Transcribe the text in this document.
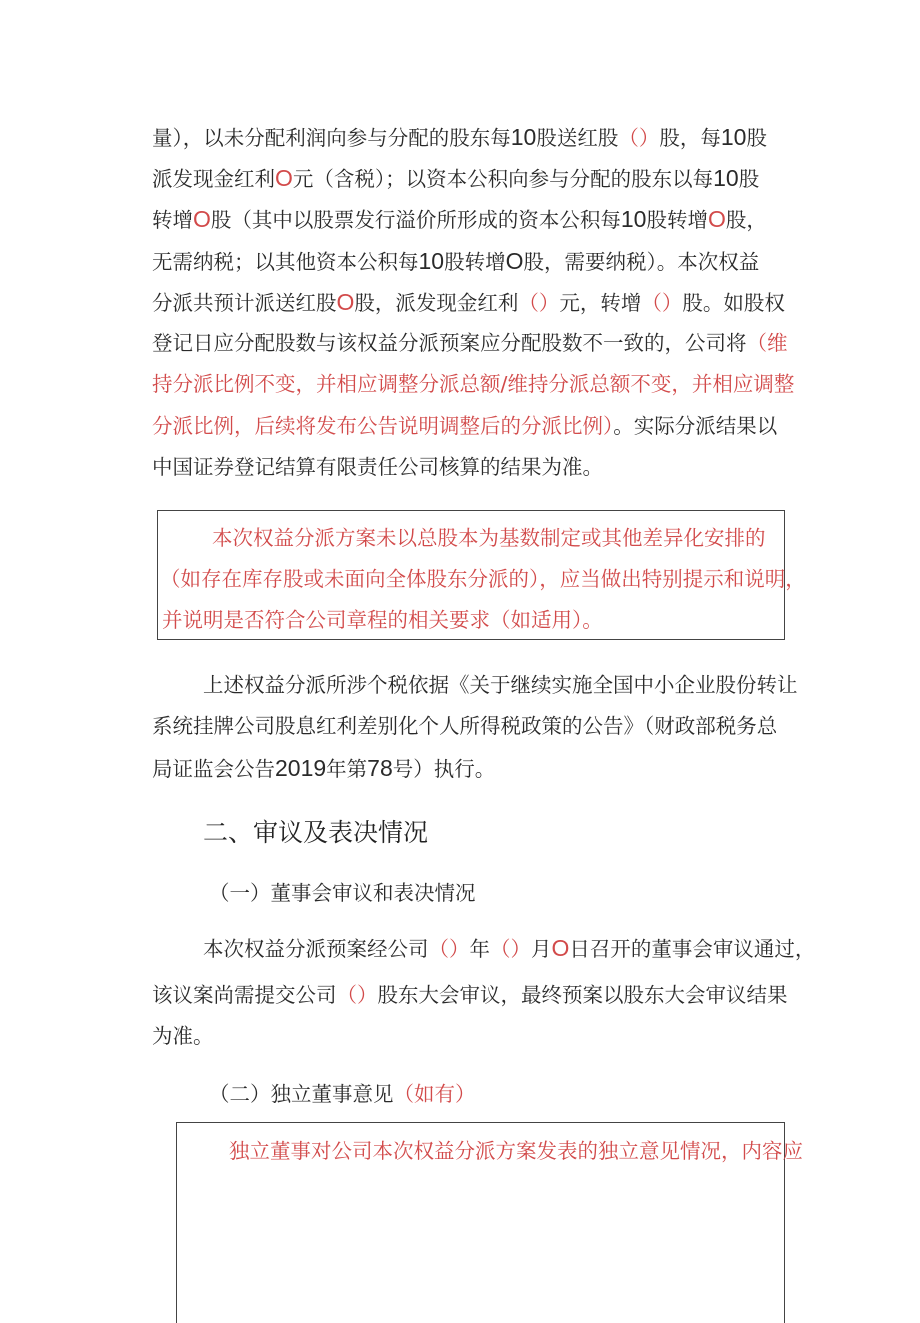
量），以未分配利润向参与分配的股东每10股送红股（）股，每10股
派发现金红利O元（含税）；以资本公积向参与分配的股东以每10股
转增O股（其中以股票发行溢价所形成的资本公积每10股转增O股，
无需纳税；以其他资本公积每10股转增O股，需要纳税）。本次权益
分派共预计派送红股O股，派发现金红利（）元，转增（）股。如股权
登记日应分配股数与该权益分派预案应分配股数不一致的，公司将（维
持分派比例不变，并相应调整分派总额/维持分派总额不变，并相应调整
分派比例，后续将发布公告说明调整后的分派比例）。实际分派结果以
中国证券登记结算有限责任公司核算的结果为准。
本次权益分派方案未以总股本为基数制定或其他差异化安排的
（如存在库存股或未面向全体股东分派的），应当做出特别提示和说明，
并说明是否符合公司章程的相关要求（如适用）。
上述权益分派所涉个税依据《关于继续实施全国中小企业股份转让
系统挂牌公司股息红利差别化个人所得税政策的公告》（财政部税务总
局证监会公告2019年第78号）执行。
二、审议及表决情况
（一）董事会审议和表决情况
本次权益分派预案经公司（）年（）月O日召开的董事会审议通过，
该议案尚需提交公司（）股东大会审议，最终预案以股东大会审议结果
为准。
（二）独立董事意见（如有）
独立董事对公司本次权益分派方案发表的独立意见情况，内容应
